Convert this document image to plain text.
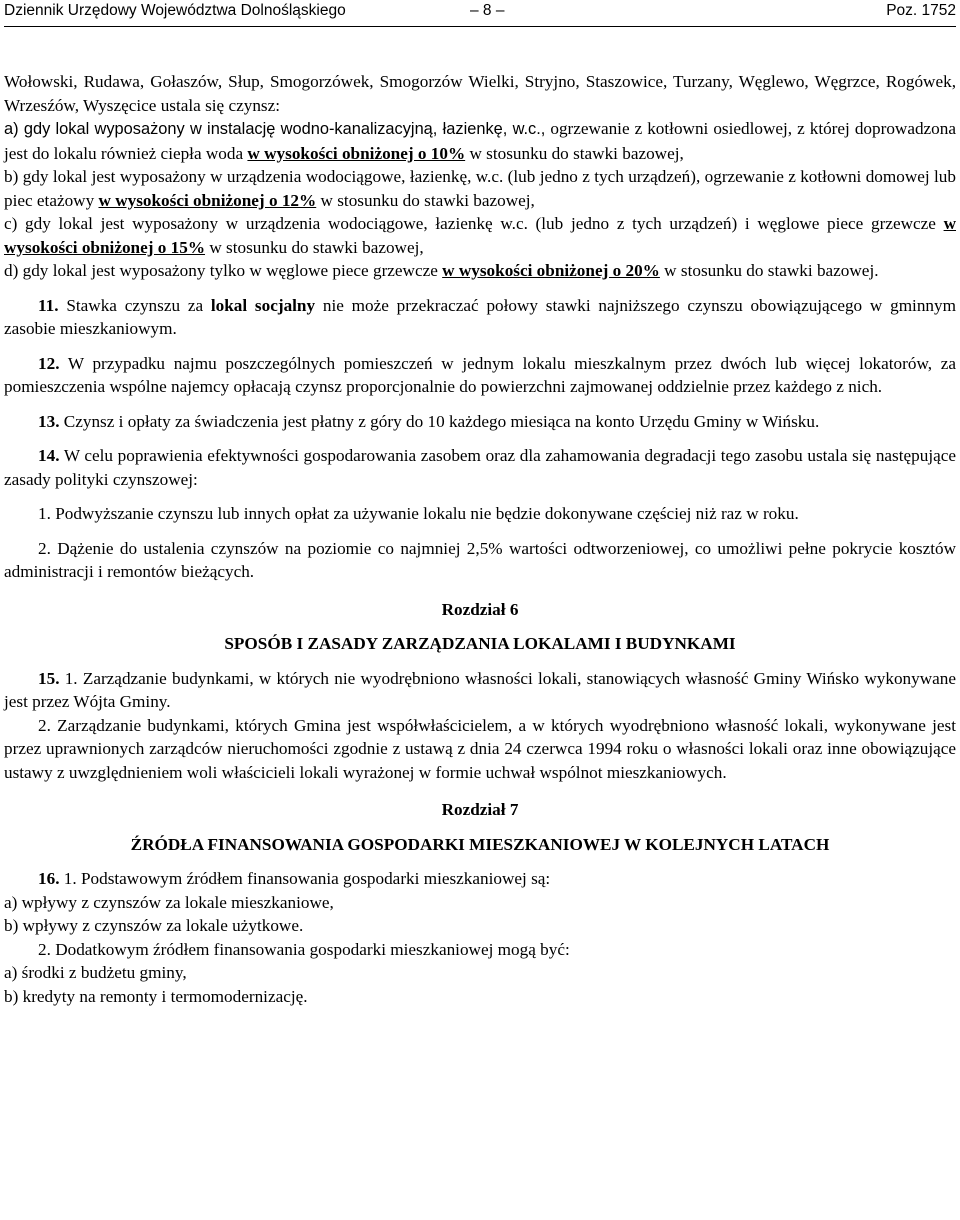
Dziennik Urzędowy Województwa Dolnośląskiego	– 8 –	Poz. 1752

Wołowski, Rudawa, Gołaszów, Słup, Smogorzówek, Smogorzów Wielki, Stryjno, Staszowice, Turzany, Węglewo, Węgrzce, Rogówek, Wrzesźów, Wyszęcice ustala się czynsz:

a) gdy lokal wyposażony w instalację wodno-kanalizacyjną, łazienkę, w.c., ogrzewanie z kotłowni osiedlowej, z której doprowadzona jest do lokalu również ciepła woda w wysokości obniżonej o 10% w stosunku do stawki bazowej,

b) gdy lokal jest wyposażony w urządzenia wodociągowe, łazienkę, w.c. (lub jedno z tych urządzeń), ogrzewanie z kotłowni domowej lub piec etażowy w wysokości obniżonej o 12% w stosunku do stawki bazowej,

c) gdy lokal jest wyposażony w urządzenia wodociągowe, łazienkę w.c. (lub jedno z tych urządzeń) i węglowe piece grzewcze w wysokości obniżonej o 15% w stosunku do stawki bazowej,

d) gdy lokal jest wyposażony tylko w węglowe piece grzewcze w wysokości obniżonej o 20% w stosunku do stawki bazowej.

11. Stawka czynszu za lokal socjalny nie może przekraczać połowy stawki najniższego czynszu obowiązującego w gminnym zasobie mieszkaniowym.

12. W przypadku najmu poszczególnych pomieszczeń w jednym lokalu mieszkalnym przez dwóch lub więcej lokatorów, za pomieszczenia wspólne najemcy opłacają czynsz proporcjonalnie do powierzchni zajmowanej oddzielnie przez każdego z nich.

13. Czynsz i opłaty za świadczenia jest płatny z góry do 10 każdego miesiąca na konto Urzędu Gminy w Wińsku.

14. W celu poprawienia efektywności gospodarowania zasobem oraz dla zahamowania degradacji tego zasobu ustala się następujące zasady polityki czynszowej:

1. Podwyższanie czynszu lub innych opłat za używanie lokalu nie będzie dokonywane częściej niż raz w roku.

2. Dążenie do ustalenia czynszów na poziomie co najmniej 2,5% wartości odtworzeniowej, co umożliwi pełne pokrycie kosztów administracji i remontów bieżących.

Rozdział 6
SPOSÓB I ZASADY ZARZĄDZANIA LOKALAMI I BUDYNKAMI

15. 1. Zarządzanie budynkami, w których nie wyodrębniono własności lokali, stanowiących własność Gminy Wińsko wykonywane jest przez Wójta Gminy.

2. Zarządzanie budynkami, których Gmina jest współwłaścicielem, a w których wyodrębniono własność lokali, wykonywane jest przez uprawnionych zarządców nieruchomości zgodnie z ustawą z dnia 24 czerwca 1994 roku o własności lokali oraz inne obowiązujące ustawy z uwzględnieniem woli właścicieli lokali wyrażonej w formie uchwał wspólnot mieszkaniowych.

Rozdział 7
ŹRÓDŁA FINANSOWANIA GOSPODARKI MIESZKANIOWEJ W KOLEJNYCH LATACH

16. 1. Podstawowym źródłem finansowania gospodarki mieszkaniowej są:

a) wpływy z czynszów za lokale mieszkaniowe,

b) wpływy z czynszów za lokale użytkowe.

2. Dodatkowym źródłem finansowania gospodarki mieszkaniowej mogą być:

a) środki z budżetu gminy,

b) kredyty na remonty i termomodernizację.
